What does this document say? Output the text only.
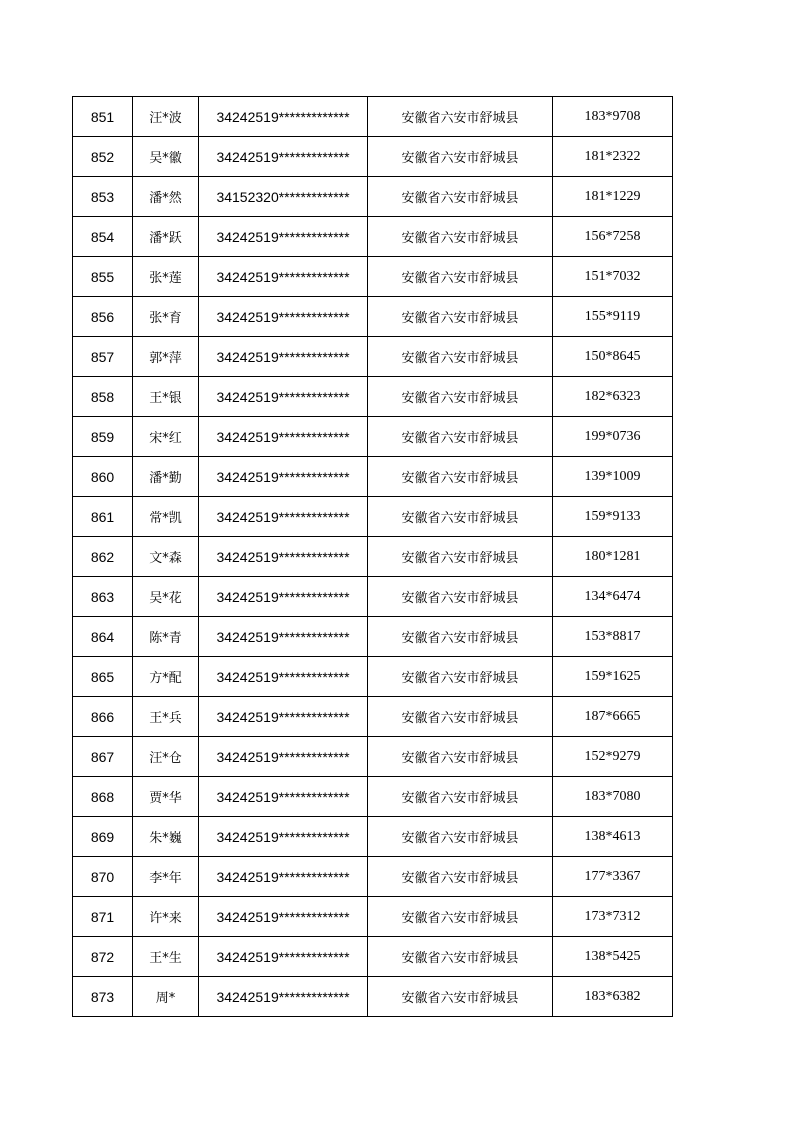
851	汪*波	34242519*************	安徽省六安市舒城县	183*9708
852	吴*徽	34242519*************	安徽省六安市舒城县	181*2322
853	潘*然	34152320*************	安徽省六安市舒城县	181*1229
854	潘*跃	34242519*************	安徽省六安市舒城县	156*7258
855	张*莲	34242519*************	安徽省六安市舒城县	151*7032
856	张*育	34242519*************	安徽省六安市舒城县	155*9119
857	郭*萍	34242519*************	安徽省六安市舒城县	150*8645
858	王*银	34242519*************	安徽省六安市舒城县	182*6323
859	宋*红	34242519*************	安徽省六安市舒城县	199*0736
860	潘*勤	34242519*************	安徽省六安市舒城县	139*1009
861	常*凯	34242519*************	安徽省六安市舒城县	159*9133
862	文*森	34242519*************	安徽省六安市舒城县	180*1281
863	吴*花	34242519*************	安徽省六安市舒城县	134*6474
864	陈*青	34242519*************	安徽省六安市舒城县	153*8817
865	方*配	34242519*************	安徽省六安市舒城县	159*1625
866	王*兵	34242519*************	安徽省六安市舒城县	187*6665
867	汪*仓	34242519*************	安徽省六安市舒城县	152*9279
868	贾*华	34242519*************	安徽省六安市舒城县	183*7080
869	朱*巍	34242519*************	安徽省六安市舒城县	138*4613
870	李*年	34242519*************	安徽省六安市舒城县	177*3367
871	许*来	34242519*************	安徽省六安市舒城县	173*7312
872	王*生	34242519*************	安徽省六安市舒城县	138*5425
873	周*	34242519*************	安徽省六安市舒城县	183*6382
